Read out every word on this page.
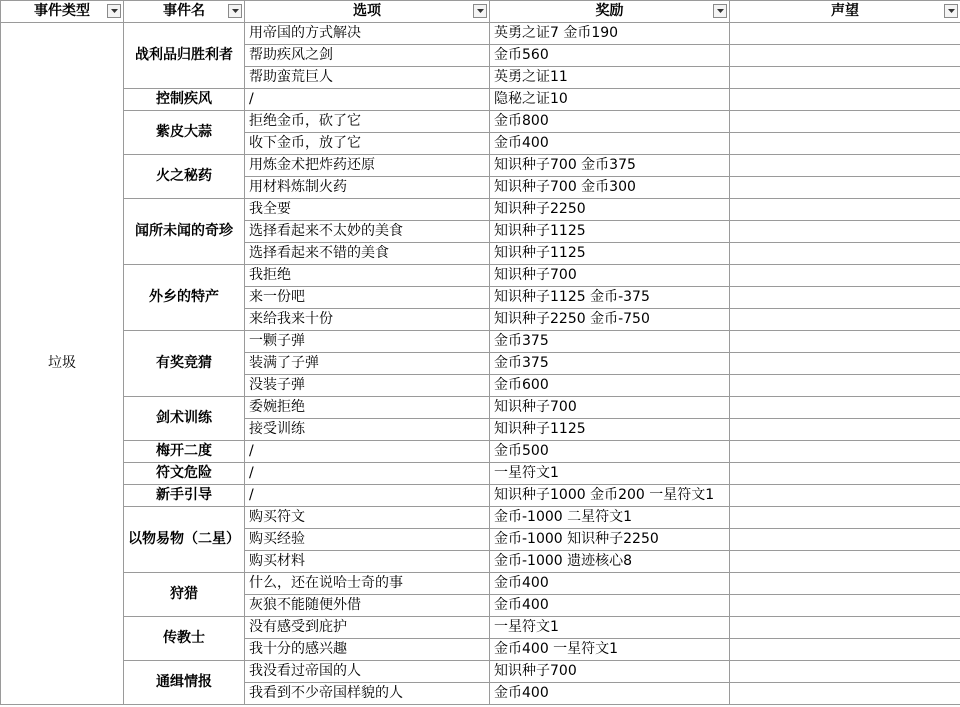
事件类型	事件名	选项	奖励	声望

垃圾	战利品归胜利者	用帝国的方式解决	英勇之证7 金币190	
		帮助疾风之剑	金币560	
		帮助蛮荒巨人	英勇之证11	
	控制疾风	/	隐秘之证10	
	紫皮大蒜	拒绝金币，砍了它	金币800	
		收下金币，放了它	金币400	
	火之秘药	用炼金术把炸药还原	知识种子700 金币375	
		用材料炼制火药	知识种子700 金币300	
	闻所未闻的奇珍	我全要	知识种子2250	
		选择看起来不太妙的美食	知识种子1125	
		选择看起来不错的美食	知识种子1125	
	外乡的特产	我拒绝	知识种子700	
		来一份吧	知识种子1125 金币-375	
		来给我来十份	知识种子2250 金币-750	
	有奖竞猜	一颗子弹	金币375	
		装满了子弹	金币375	
		没装子弹	金币600	
	剑术训练	委婉拒绝	知识种子700	
		接受训练	知识种子1125	
	梅开二度	/	金币500	
	符文危险	/	一星符文1	
	新手引导	/	知识种子1000 金币200 一星符文1	
	以物易物（二星）	购买符文	金币-1000 二星符文1	
		购买经验	金币-1000 知识种子2250	
		购买材料	金币-1000 遗迹核心8	
	狩猎	什么，还在说哈士奇的事	金币400	
		灰狼不能随便外借	金币400	
	传教士	没有感受到庇护	一星符文1	
		我十分的感兴趣	金币400 一星符文1	
	通缉情报	我没看过帝国的人	知识种子700	
		我看到不少帝国样貌的人	金币400	
